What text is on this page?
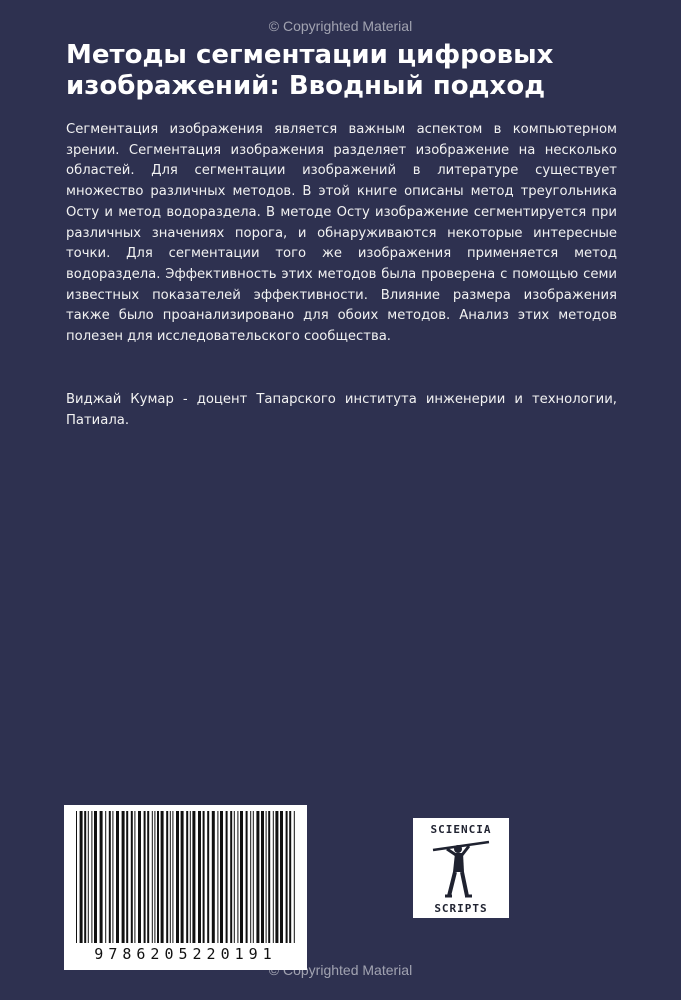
© Copyrighted Material
Методы сегментации цифровых изображений: Вводный подход

Сегментация изображения является важным аспектом в компьютерном зрении. Сегментация изображения разделяет изображение на несколько областей. Для сегментации изображений в литературе существует множество различных методов. В этой книге описаны метод треугольника Осту и метод водораздела. В методе Осту изображение сегментируется при различных значениях порога, и обнаруживаются некоторые интересные точки. Для сегментации того же изображения применяется метод водораздела. Эффективность этих методов была проверена с помощью семи известных показателей эффективности. Влияние размера изображения также было проанализировано для обоих методов. Анализ этих методов полезен для исследовательского сообщества.

Виджай Кумар - доцент Тапарского института инженерии и технологии, Патиала.

9786205220191
SCIENCIA
SCRIPTS
© Copyrighted Material
